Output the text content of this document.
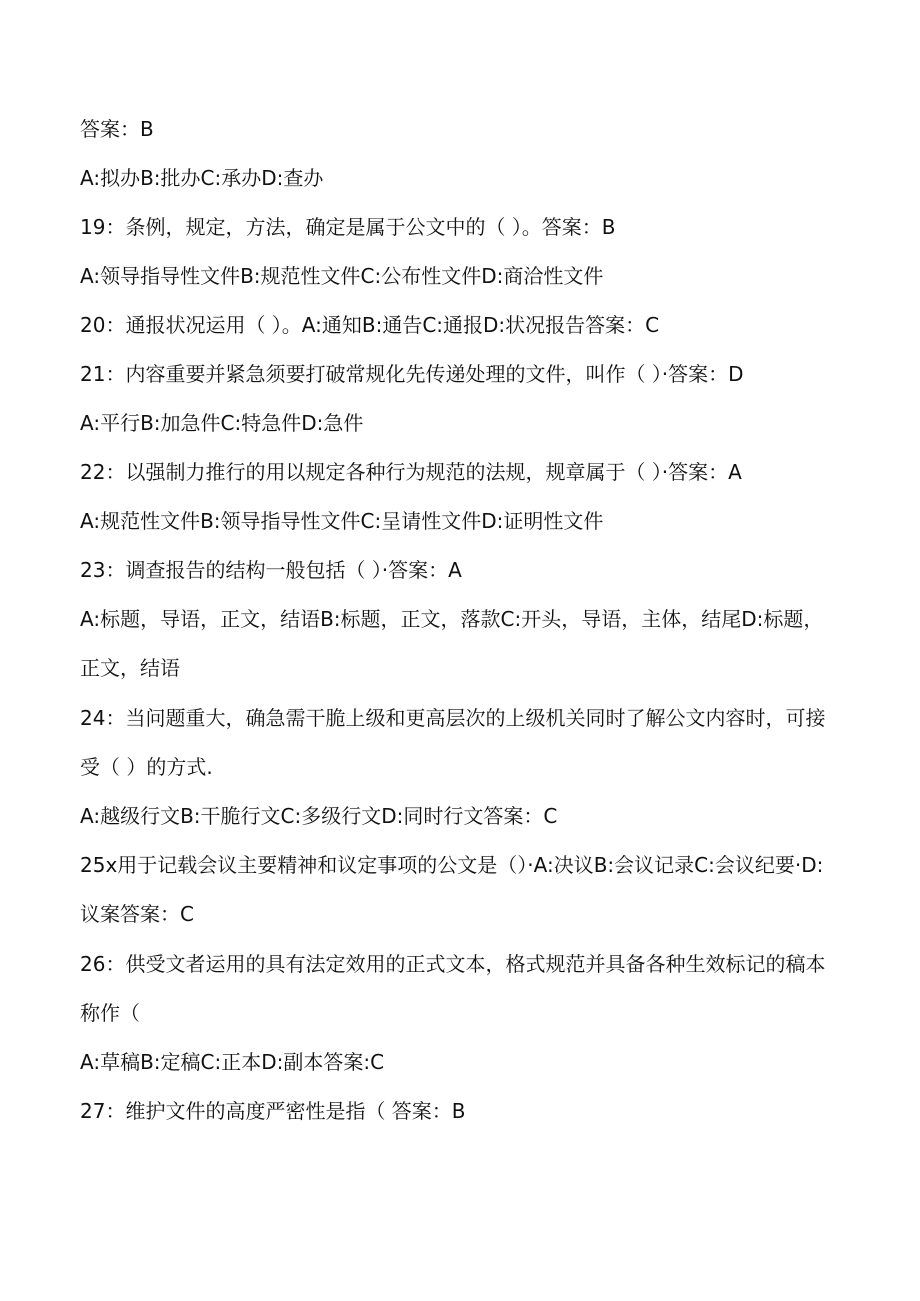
答案：B
A:拟办B:批办C:承办D:查办
19：条例，规定，方法，确定是属于公文中的（ ）。答案：B
A:领导指导性文件B:规范性文件C:公布性文件D:商洽性文件
20：通报状况运用（ ）。A:通知B:通告C:通报D:状况报告答案：C
21：内容重要并紧急须要打破常规化先传递处理的文件，叫作（ ）·答案：D
A:平行B:加急件C:特急件D:急件
22：以强制力推行的用以规定各种行为规范的法规，规章属于（ ）·答案：A
A:规范性文件B:领导指导性文件C:呈请性文件D:证明性文件
23：调查报告的结构一般包括（ ）·答案：A
A:标题，导语，正文，结语B:标题，正文，落款C:开头，导语，主体，结尾D:标题，
正文，结语
24：当问题重大，确急需干脆上级和更高层次的上级机关同时了解公文内容时，可接
受（ ）的方式.
A:越级行文B:干脆行文C:多级行文D:同时行文答案：C
25x用于记载会议主要精神和议定事项的公文是（）·A:决议B:会议记录C:会议纪要·D:
议案答案：C
26：供受文者运用的具有法定效用的正式文本，格式规范并具备各种生效标记的稿本
称作（
A:草稿B:定稿C:正本D:副本答案:C
27：维护文件的高度严密性是指（ 答案：B
